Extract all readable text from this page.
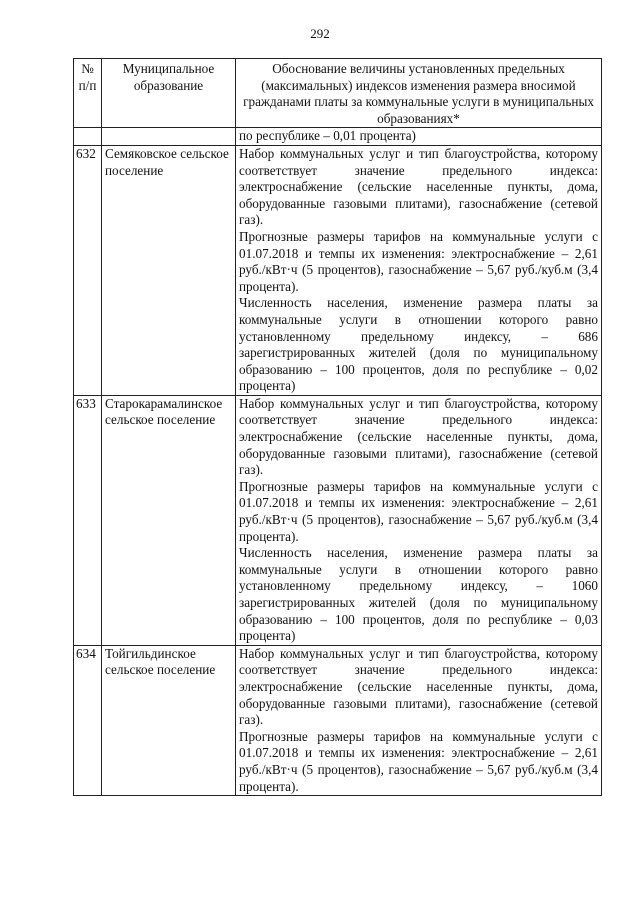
292
№ п/п	Муниципальное образование	Обоснование величины установленных предельных (максимальных) индексов изменения размера вносимой гражданами платы за коммунальные услуги в муниципальных образованиях*
		по республике – 0,01 процента)
632	Семяковское сельское поселение	Набор коммунальных услуг и тип благоустройства, которому соответствует значение предельного индекса: электроснабжение (сельские населенные пункты, дома, оборудованные газовыми плитами), газоснабжение (сетевой газ).
Прогнозные размеры тарифов на коммунальные услуги с 01.07.2018 и темпы их изменения: электроснабжение – 2,61 руб./кВт·ч (5 процентов), газоснабжение – 5,67 руб./куб.м (3,4 процента).
Численность населения, изменение размера платы за коммунальные услуги в отношении которого равно установленному предельному индексу, – 686 зарегистрированных жителей (доля по муниципальному образованию – 100 процентов, доля по республике – 0,02 процента)

633	Старокарамалинское сельское поселение	Набор коммунальных услуг и тип благоустройства, которому соответствует значение предельного индекса: электроснабжение (сельские населенные пункты, дома, оборудованные газовыми плитами), газоснабжение (сетевой газ).
Прогнозные размеры тарифов на коммунальные услуги с 01.07.2018 и темпы их изменения: электроснабжение – 2,61 руб./кВт·ч (5 процентов), газоснабжение – 5,67 руб./куб.м (3,4 процента).
Численность населения, изменение размера платы за коммунальные услуги в отношении которого равно установленному предельному индексу, – 1060 зарегистрированных жителей (доля по муниципальному образованию – 100 процентов, доля по республике – 0,03 процента)

634	Тойгильдинское сельское поселение	Набор коммунальных услуг и тип благоустройства, которому соответствует значение предельного индекса: электроснабжение (сельские населенные пункты, дома, оборудованные газовыми плитами), газоснабжение (сетевой газ).
Прогнозные размеры тарифов на коммунальные услуги с 01.07.2018 и темпы их изменения: электроснабжение – 2,61 руб./кВт·ч (5 процентов), газоснабжение – 5,67 руб./куб.м (3,4 процента).
